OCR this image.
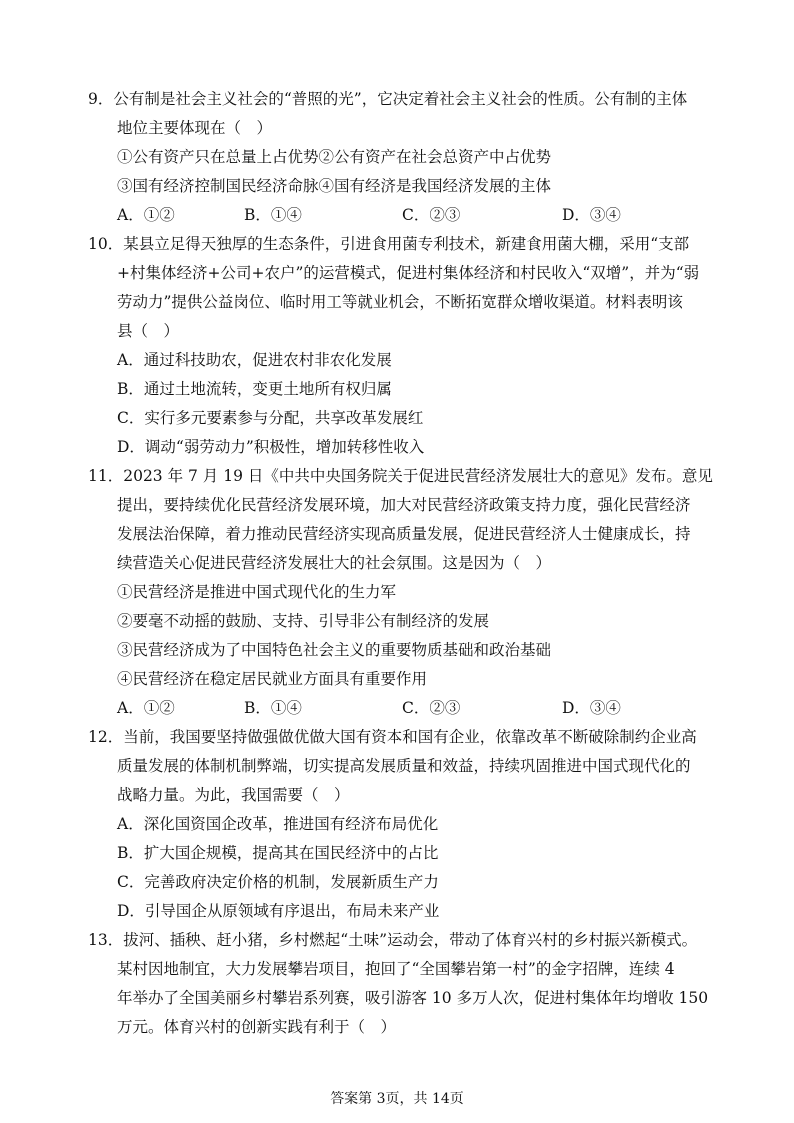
9．公有制是社会主义社会的“普照的光”，它决定着社会主义社会的性质。公有制的主体
地位主要体现在（　）
①公有资产只在总量上占优势②公有资产在社会总资产中占优势
③国有经济控制国民经济命脉④国有经济是我国经济发展的主体
A．①②	B．①④	C．②③	D．③④
10．某县立足得天独厚的生态条件，引进食用菌专利技术，新建食用菌大棚，采用“支部
+村集体经济+公司+农户”的运营模式，促进村集体经济和村民收入“双增”，并为“弱
劳动力”提供公益岗位、临时用工等就业机会，不断拓宽群众增收渠道。材料表明该
县（　）
A．通过科技助农，促进农村非农化发展
B．通过土地流转，变更土地所有权归属
C．实行多元要素参与分配，共享改革发展红
D．调动“弱劳动力”积极性，增加转移性收入
11．2023 年 7 月 19 日《中共中央国务院关于促进民营经济发展壮大的意见》发布。意见
提出，要持续优化民营经济发展环境，加大对民营经济政策支持力度，强化民营经济
发展法治保障，着力推动民营经济实现高质量发展，促进民营经济人士健康成长，持
续营造关心促进民营经济发展壮大的社会氛围。这是因为（　）
①民营经济是推进中国式现代化的生力军
②要毫不动摇的鼓励、支持、引导非公有制经济的发展
③民营经济成为了中国特色社会主义的重要物质基础和政治基础
④民营经济在稳定居民就业方面具有重要作用
A．①②	B．①④	C．②③	D．③④
12．当前，我国要坚持做强做优做大国有资本和国有企业，依靠改革不断破除制约企业高
质量发展的体制机制弊端，切实提高发展质量和效益，持续巩固推进中国式现代化的
战略力量。为此，我国需要（　）
A．深化国资国企改革，推进国有经济布局优化
B．扩大国企规模，提高其在国民经济中的占比
C．完善政府决定价格的机制，发展新质生产力
D．引导国企从原领域有序退出，布局未来产业
13．拔河、插秧、赶小猪，乡村燃起“土味”运动会，带动了体育兴村的乡村振兴新模式。
某村因地制宜，大力发展攀岩项目，抱回了“全国攀岩第一村”的金字招牌，连续 4
年举办了全国美丽乡村攀岩系列赛，吸引游客 10 多万人次，促进村集体年均增收 150
万元。体育兴村的创新实践有利于（　）
答案第 3页，共 14页
